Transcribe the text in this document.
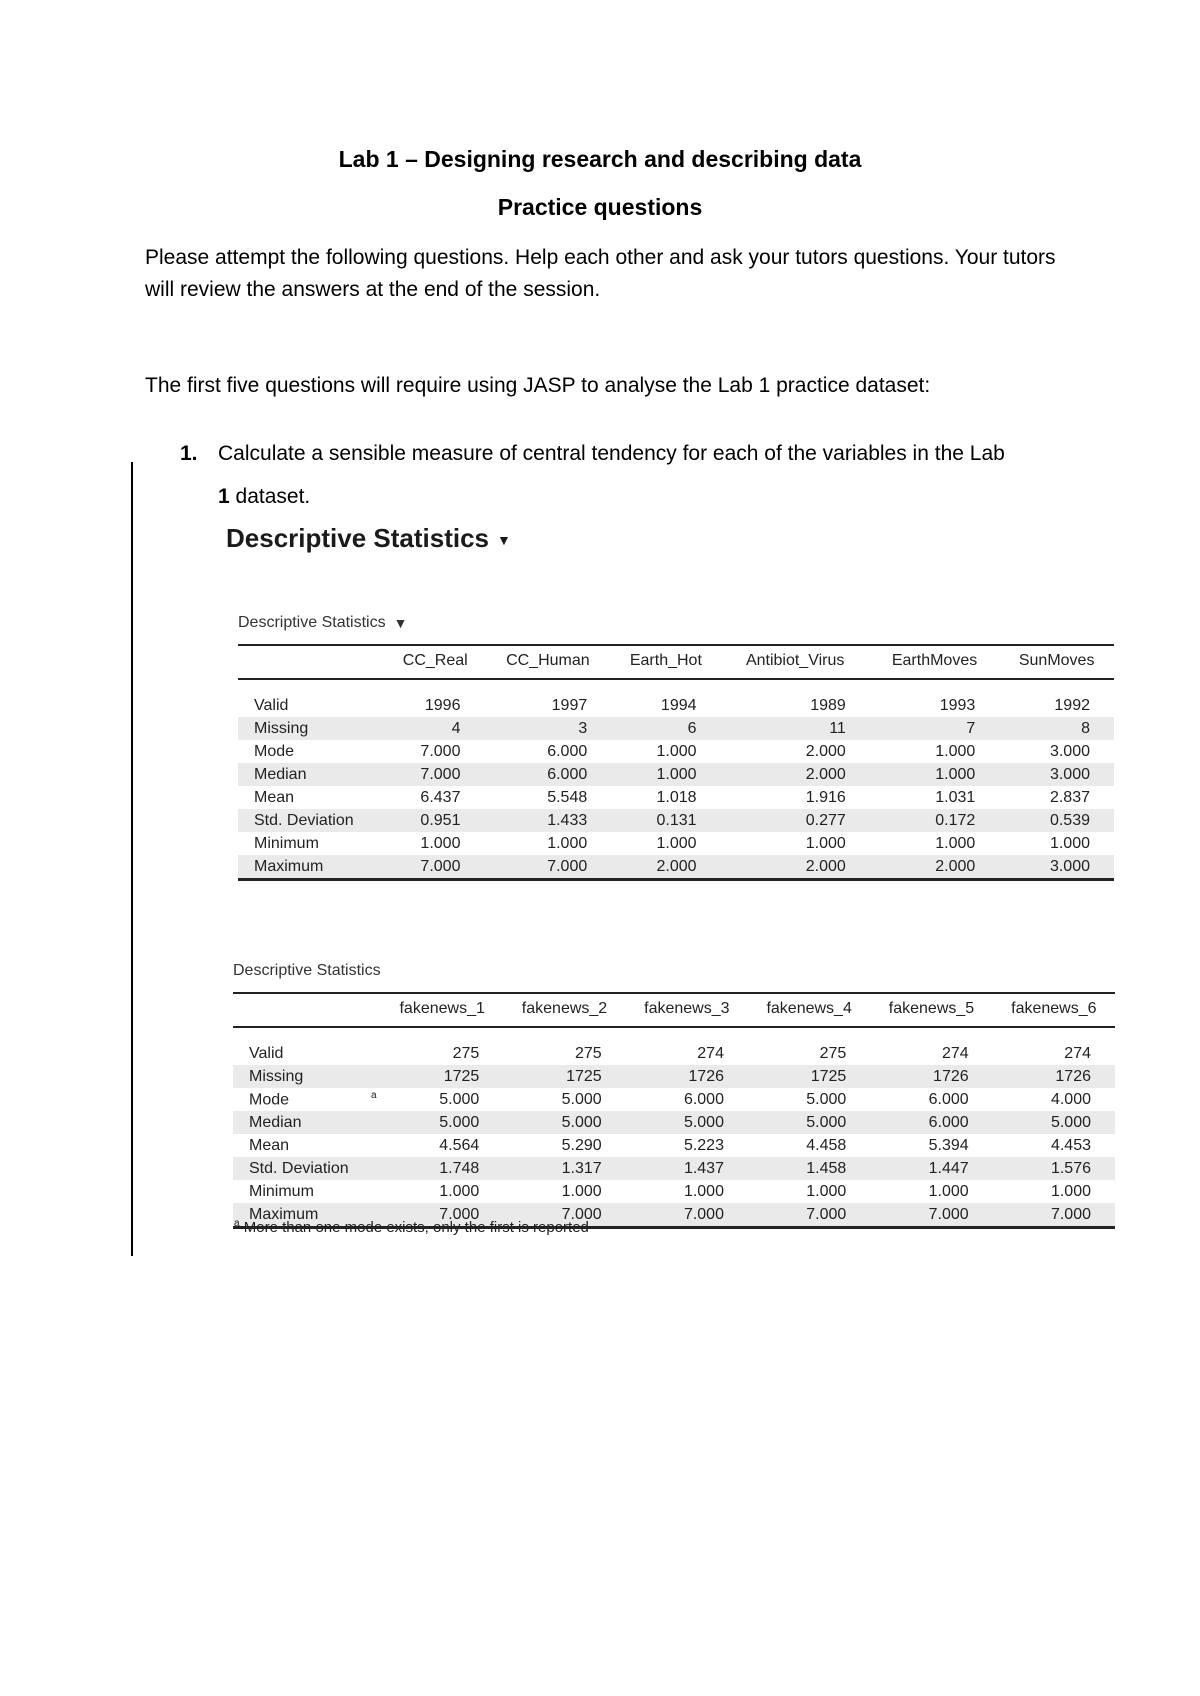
Lab 1 – Designing research and describing data
Practice questions
Please attempt the following questions. Help each other and ask your tutors questions. Your tutors will review the answers at the end of the session.
The first five questions will require using JASP to analyse the Lab 1 practice dataset:
1. Calculate a sensible measure of central tendency for each of the variables in the Lab
1 dataset.
Descriptive Statistics ▼
Descriptive Statistics ▼
	CC_Real	CC_Human	Earth_Hot	Antibiot_Virus	EarthMoves	SunMoves
Valid	1996	1997	1994	1989	1993	1992
Missing	4	3	6	11	7	8
Mode	7.000	6.000	1.000	2.000	1.000	3.000
Median	7.000	6.000	1.000	2.000	1.000	3.000
Mean	6.437	5.548	1.018	1.916	1.031	2.837
Std. Deviation	0.951	1.433	0.131	0.277	0.172	0.539
Minimum	1.000	1.000	1.000	1.000	1.000	1.000
Maximum	7.000	7.000	2.000	2.000	2.000	3.000
Descriptive Statistics
	fakenews_1	fakenews_2	fakenews_3	fakenews_4	fakenews_5	fakenews_6
Valid	275	275	274	275	274	274
Missing	1725	1725	1726	1725	1726	1726
Mode $^a$	5.000	5.000	6.000	5.000	6.000	4.000
Median	5.000	5.000	5.000	5.000	6.000	5.000
Mean	4.564	5.290	5.223	4.458	5.394	4.453
Std. Deviation	1.748	1.317	1.437	1.458	1.447	1.576
Minimum	1.000	1.000	1.000	1.000	1.000	1.000
Maximum	7.000	7.000	7.000	7.000	7.000	7.000
$^a$ More than one mode exists, only the first is reported
